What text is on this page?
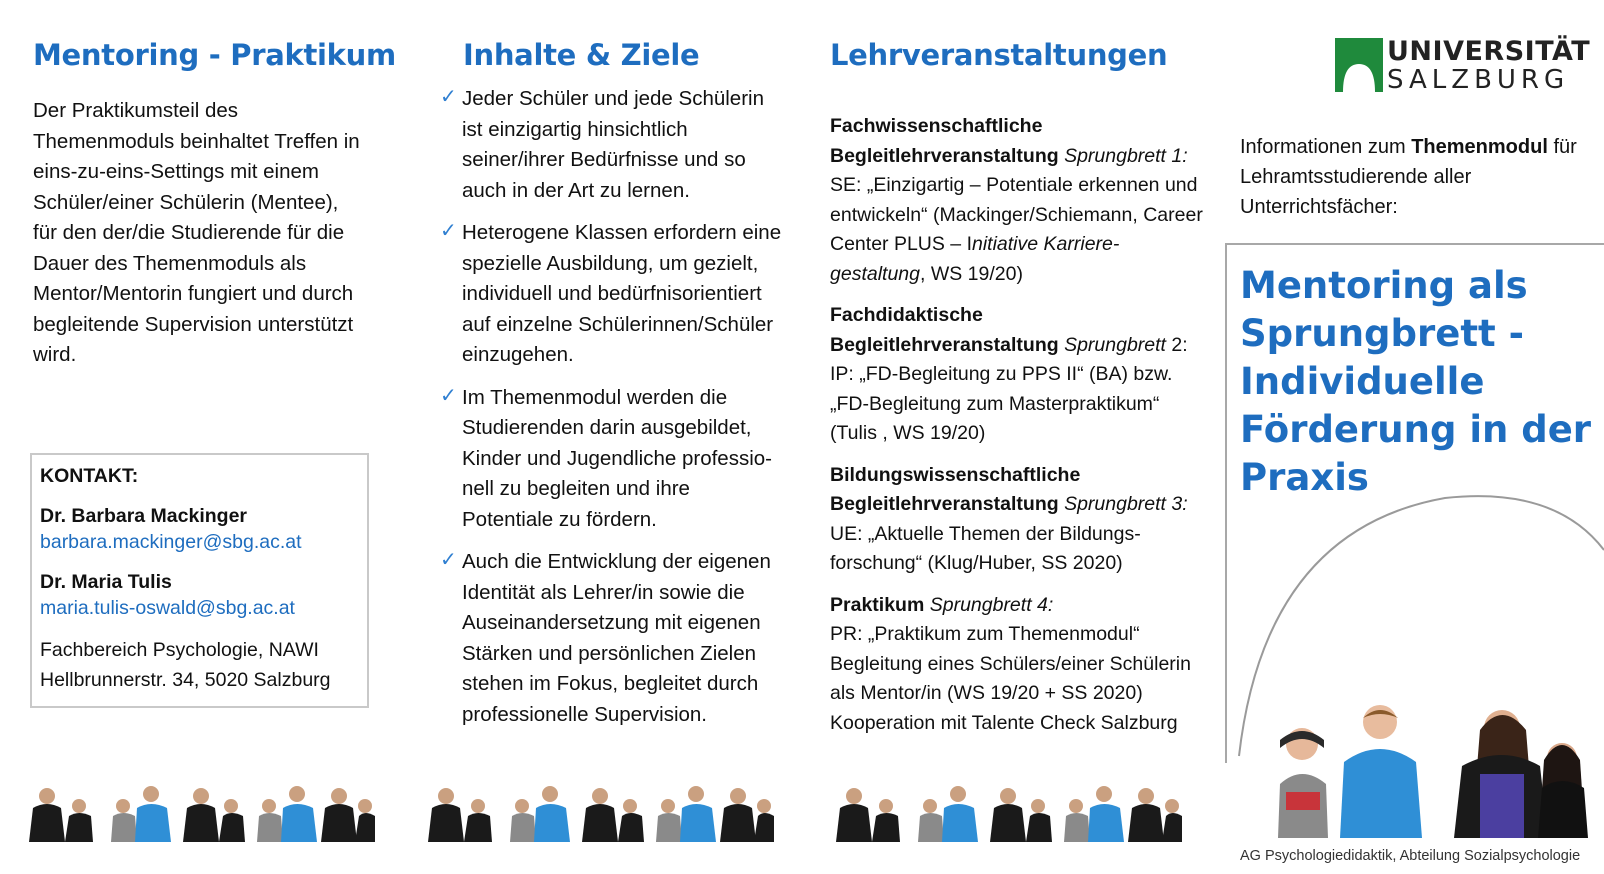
Mentoring - Praktikum
Der Praktikumsteil des Themenmoduls beinhaltet Treffen in eins-zu-eins-Settings mit einem Schüler/einer Schülerin (Mentee), für den der/die Studierende für die Dauer des Themenmoduls als Mentor/Mentorin fungiert und durch begleitende Supervision unterstützt wird.
KONTAKT:
Dr. Barbara Mackinger
barbara.mackinger@sbg.ac.at
Dr. Maria Tulis
maria.tulis-oswald@sbg.ac.at
Fachbereich Psychologie, NAWI
Hellbrunnerstr. 34, 5020 Salzburg
Inhalte & Ziele
✓ Jeder Schüler und jede Schülerin ist einzigartig hinsichtlich seiner/ihrer Bedürfnisse und so auch in der Art zu lernen.
✓ Heterogene Klassen erfordern eine spezielle Ausbildung, um gezielt, individuell und bedürfnisorientiert auf einzelne Schülerinnen/Schüler einzugehen.
✓ Im Themenmodul werden die Studierenden darin ausgebildet, Kinder und Jugendliche professio-nell zu begleiten und ihre Potentiale zu fördern.
✓ Auch die Entwicklung der eigenen Identität als Lehrer/in sowie die Auseinandersetzung mit eigenen Stärken und persönlichen Zielen stehen im Fokus, begleitet durch professionelle Supervision.
Lehrveranstaltungen
Fachwissenschaftliche Begleitlehrveranstaltung Sprungbrett 1:
SE: „Einzigartig – Potentiale erkennen und entwickeln“ (Mackinger/Schiemann, Career Center PLUS – Initiative Karriere-gestaltung, WS 19/20)
Fachdidaktische Begleitlehrveranstaltung Sprungbrett 2:
IP: „FD-Begleitung zu PPS II“ (BA) bzw. „FD-Begleitung zum Masterpraktikum“ (Tulis , WS 19/20)
Bildungswissenschaftliche Begleitlehrveranstaltung Sprungbrett 3:
UE: „Aktuelle Themen der Bildungs-forschung“ (Klug/Huber, SS 2020)
Praktikum Sprungbrett 4:
PR: „Praktikum zum Themenmodul“ Begleitung eines Schülers/einer Schülerin als Mentor/in (WS 19/20 + SS 2020) Kooperation mit Talente Check Salzburg
UNIVERSITÄT
SALZBURG
Informationen zum Themenmodul für Lehramtsstudierende aller Unterrichtsfächer:
Mentoring als Sprungbrett - Individuelle Förderung in der Praxis
AG Psychologiedidaktik, Abteilung Sozialpsychologie
